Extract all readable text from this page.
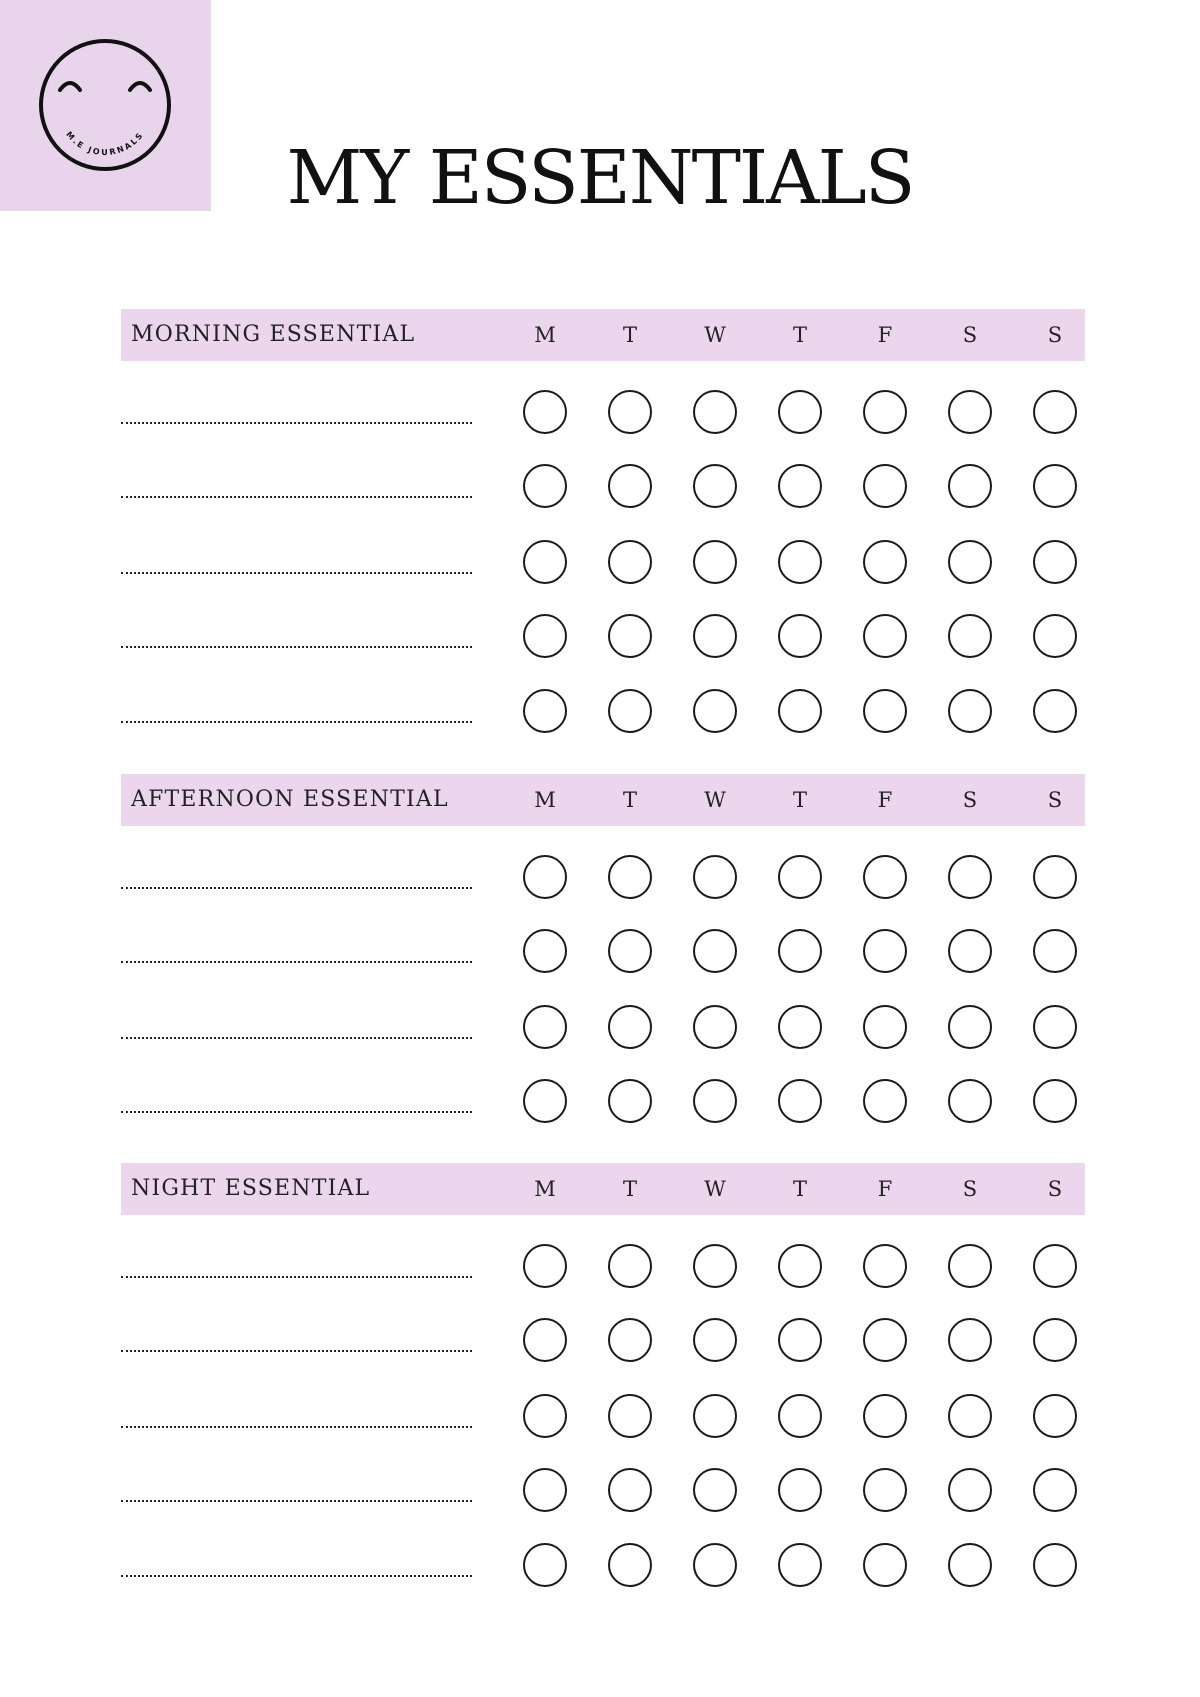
M.E JOURNALS	MY ESSENTIALS
MORNING ESSENTIAL	M	T	W	T	F	S	S
AFTERNOON ESSENTIAL	M	T	W	T	F	S	S
NIGHT ESSENTIAL	M	T	W	T	F	S	S
